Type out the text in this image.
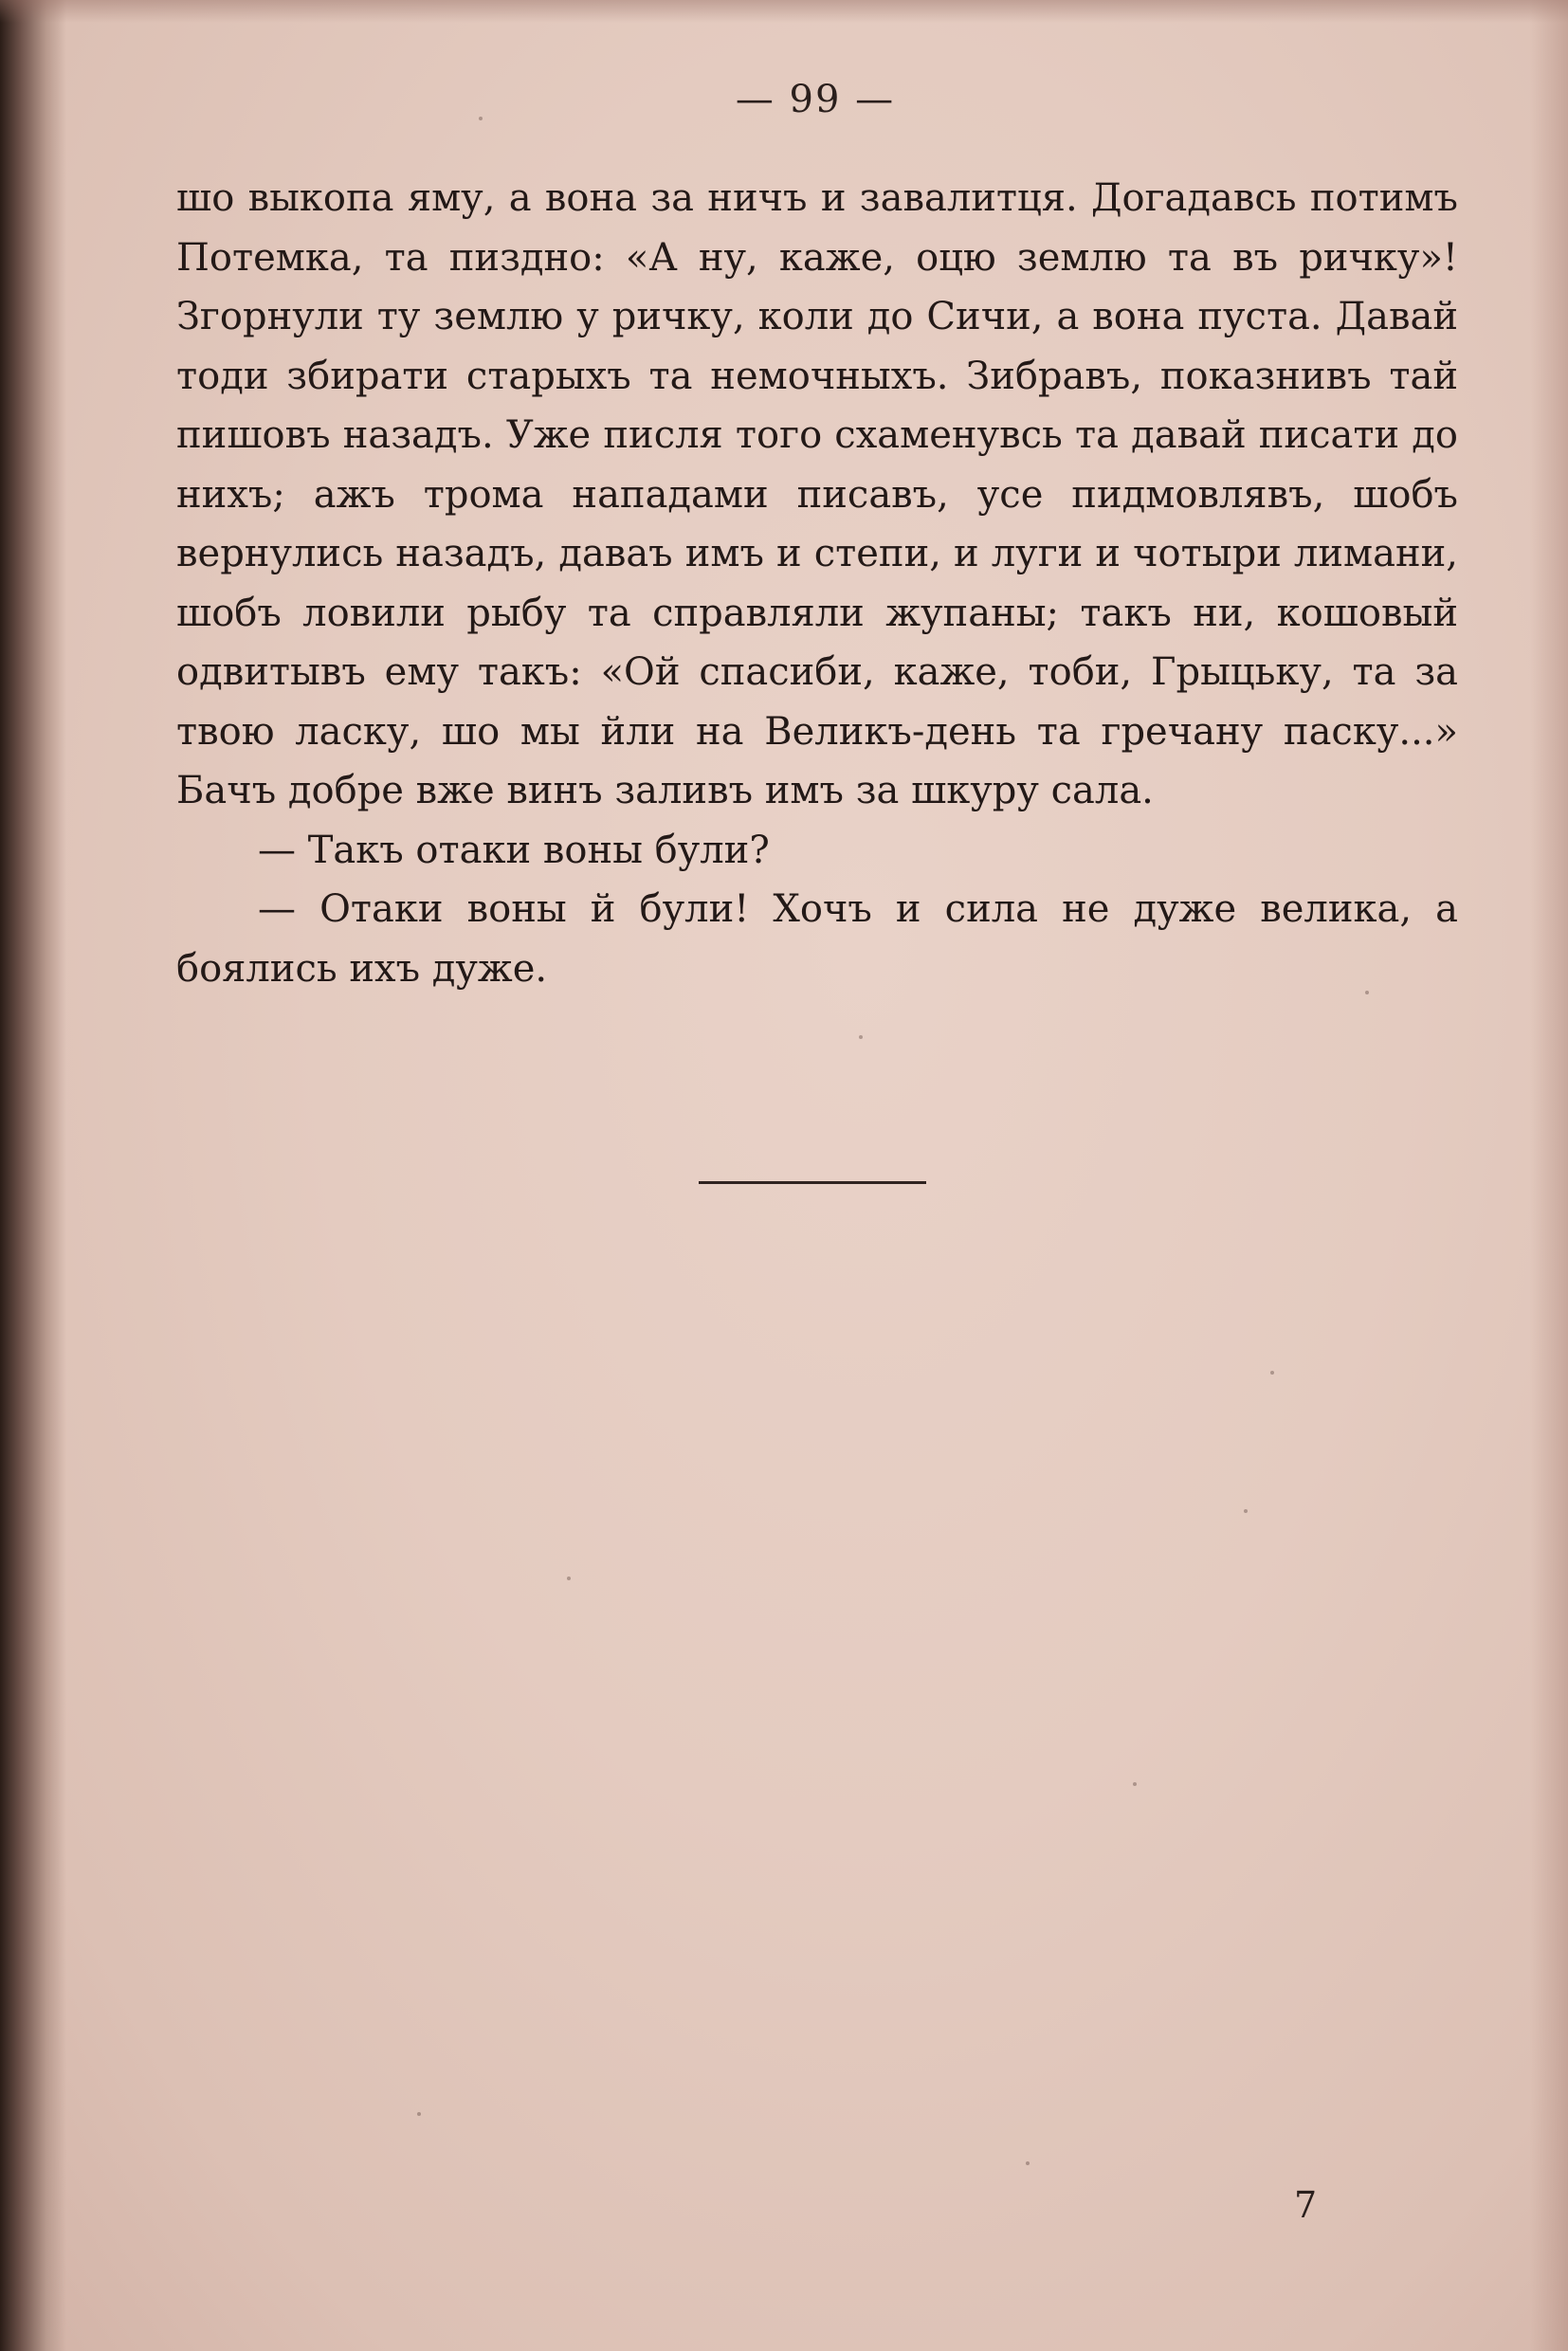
— 99 —

шо выкопа яму, а вона за ничъ и завалитця. Догадавсь потимъ Потемка, та пиздно: «А ну, каже, оцю землю та въ ричку»! Згорнули ту землю у ричку, коли до Сичи, а вона пуста. Давай тоди збирати старыхъ та немочныхъ. Зибравъ, показнивъ тай пишовъ назадъ. Уже писля того схаменувсь та давай писати до нихъ; ажъ трома нападами писавъ, усе пидмовлявъ, шобъ вернулись назадъ, даваъ имъ и степи, и луги и чотыри лимани, шобъ ловили рыбу та справляли жупаны; такъ ни, кошовый одвитывъ ему такъ: «Ой спасиби, каже, тоби, Грыцьку, та за твою ласку, шо мы йли на Великъ-день та гречану паску...» Бачъ добре вже винъ заливъ имъ за шкуру сала.

— Такъ отаки воны були?

— Отаки воны й були! Хочъ и сила не дуже велика, а боялись ихъ дуже.

7
